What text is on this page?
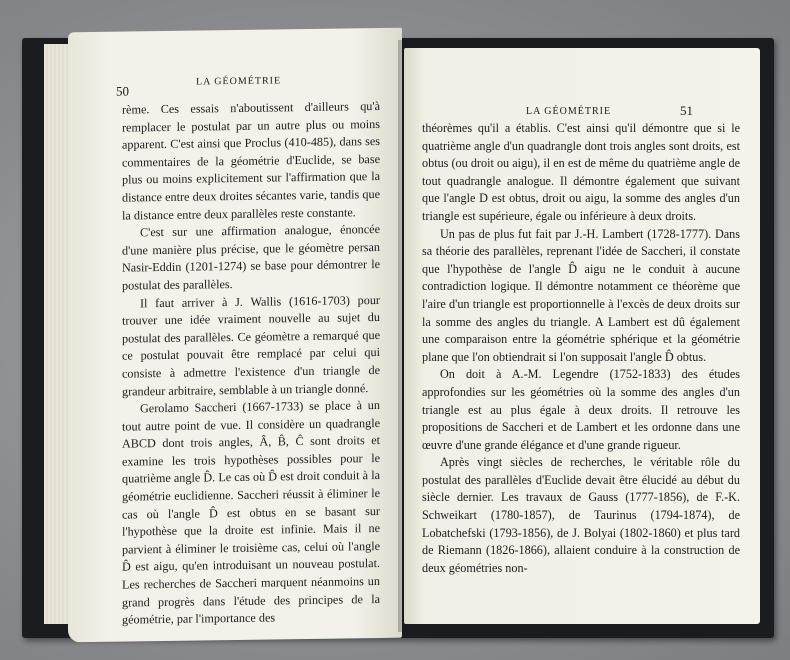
50
LA GÉOMÉTRIE

rème. Ces essais n'aboutissent d'ailleurs qu'à remplacer le postulat par un autre plus ou moins apparent. C'est ainsi que Proclus (410-485), dans ses commentaires de la géométrie d'Euclide, se base plus ou moins explicitement sur l'affirmation que la distance entre deux droites sécantes varie, tandis que la distance entre deux parallèles reste constante.

C'est sur une affirmation analogue, énoncée d'une manière plus précise, que le géomètre persan Nasir-Eddin (1201-1274) se base pour démontrer le postulat des parallèles.

Il faut arriver à J. Wallis (1616-1703) pour trouver une idée vraiment nouvelle au sujet du postulat des parallèles. Ce géomètre a remarqué que ce postulat pouvait être remplacé par celui qui consiste à admettre l'existence d'un triangle de grandeur arbitraire, semblable à un triangle donné.

Gerolamo Saccheri (1667-1733) se place à un tout autre point de vue. Il considère un quadrangle ABCD dont trois angles, Â, B̂, Ĉ sont droits et examine les trois hypothèses possibles pour le quatrième angle D̂. Le cas où D̂ est droit conduit à la géométrie euclidienne. Saccheri réussit à éliminer le cas où l'angle D̂ est obtus en se basant sur l'hypothèse que la droite est infinie. Mais il ne parvient à éliminer le troisième cas, celui où l'angle D̂ est aigu, qu'en introduisant un nouveau postulat. Les recherches de Saccheri marquent néanmoins un grand progrès dans l'étude des principes de la géométrie, par l'importance des

LA GÉOMÉTRIE	51

théorèmes qu'il a établis. C'est ainsi qu'il démontre que si le quatrième angle d'un quadrangle dont trois angles sont droits, est obtus (ou droit ou aigu), il en est de même du quatrième angle de tout quadrangle analogue. Il démontre également que suivant que l'angle D est obtus, droit ou aigu, la somme des angles d'un triangle est supérieure, égale ou inférieure à deux droits.

Un pas de plus fut fait par J.-H. Lambert (1728-1777). Dans sa théorie des parallèles, reprenant l'idée de Saccheri, il constate que l'hypothèse de l'angle D̂ aigu ne le conduit à aucune contradiction logique. Il démontre notamment ce théorème que l'aire d'un triangle est proportionnelle à l'excès de deux droits sur la somme des angles du triangle. A Lambert est dû également une comparaison entre la géométrie sphérique et la géométrie plane que l'on obtiendrait si l'on supposait l'angle D̂ obtus.

On doit à A.-M. Legendre (1752-1833) des études approfondies sur les géométries où la somme des angles d'un triangle est au plus égale à deux droits. Il retrouve les propositions de Saccheri et de Lambert et les ordonne dans une œuvre d'une grande élégance et d'une grande rigueur.

Après vingt siècles de recherches, le véritable rôle du postulat des parallèles d'Euclide devait être élucidé au début du siècle dernier. Les travaux de Gauss (1777-1856), de F.-K. Schweikart (1780-1857), de Taurinus (1794-1874), de Lobatchefski (1793-1856), de J. Bolyai (1802-1860) et plus tard de Riemann (1826-1866), allaient conduire à la construction de deux géométries non-
